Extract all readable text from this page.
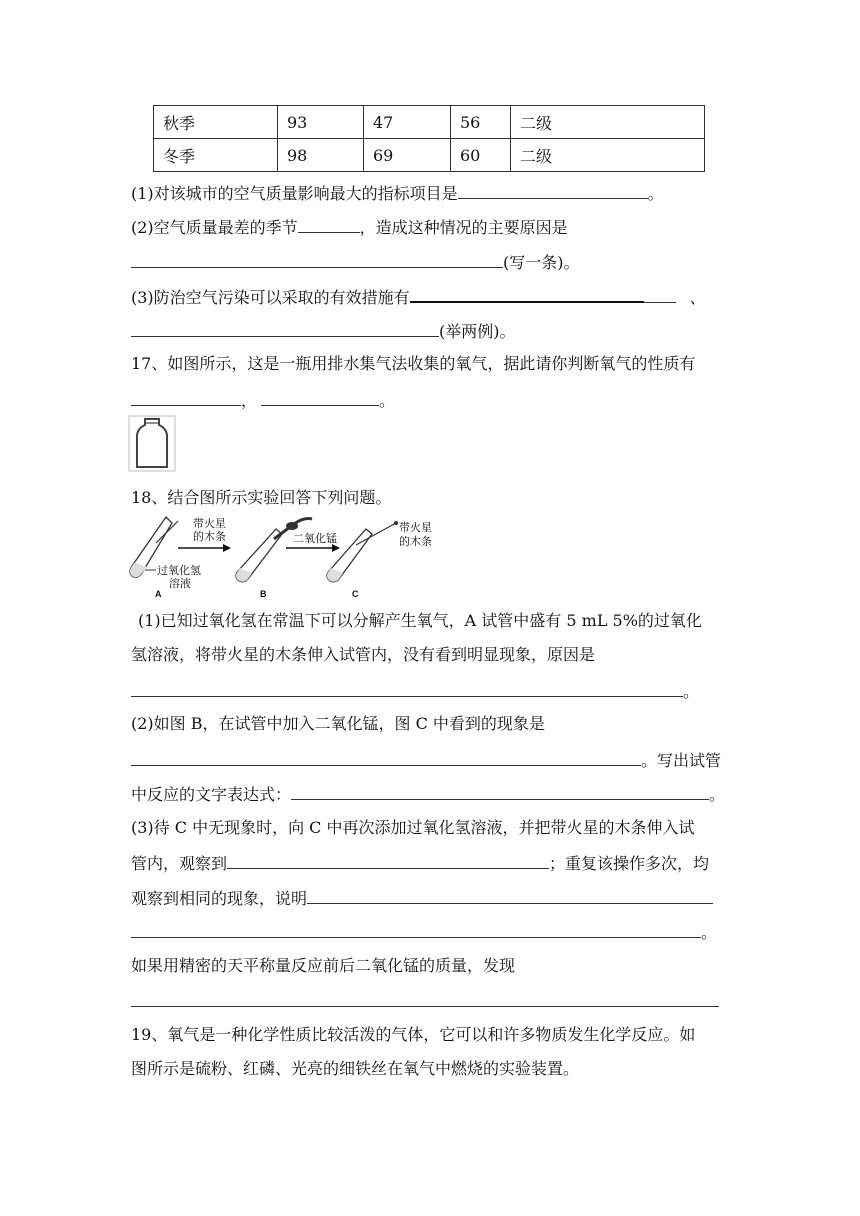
秋季	93	47	56	二级
冬季	98	69	60	二级
(1)对该城市的空气质量影响最大的指标项目是	。
(2)空气质量最差的季节	，造成这种情况的主要原因是
(写一条)。
(3)防治空气污染可以采取的有效措施有	、
(举两例)。
17、如图所示，这是一瓶用排水集气法收集的氧气，据此请你判断氧气的性质有
，	。
18、结合图所示实验回答下列问题。
带火星
的木条
过氧化氢
溶液
A	B
二氧化锰
带火星
的木条
C
(1)已知过氧化氢在常温下可以分解产生氧气，A 试管中盛有 5 mL 5%的过氧化
氢溶液，将带火星的木条伸入试管内，没有看到明显现象，原因是
。
(2)如图 B，在试管中加入二氧化锰，图 C 中看到的现象是
。写出试管
中反应的文字表达式：	。
(3)待 C 中无现象时，向 C 中再次添加过氧化氢溶液，并把带火星的木条伸入试
管内，观察到	；重复该操作多次，均
观察到相同的现象，说明
。
如果用精密的天平称量反应前后二氧化锰的质量，发现
19、氧气是一种化学性质比较活泼的气体，它可以和许多物质发生化学反应。如
图所示是硫粉、红磷、光亮的细铁丝在氧气中燃烧的实验装置。
